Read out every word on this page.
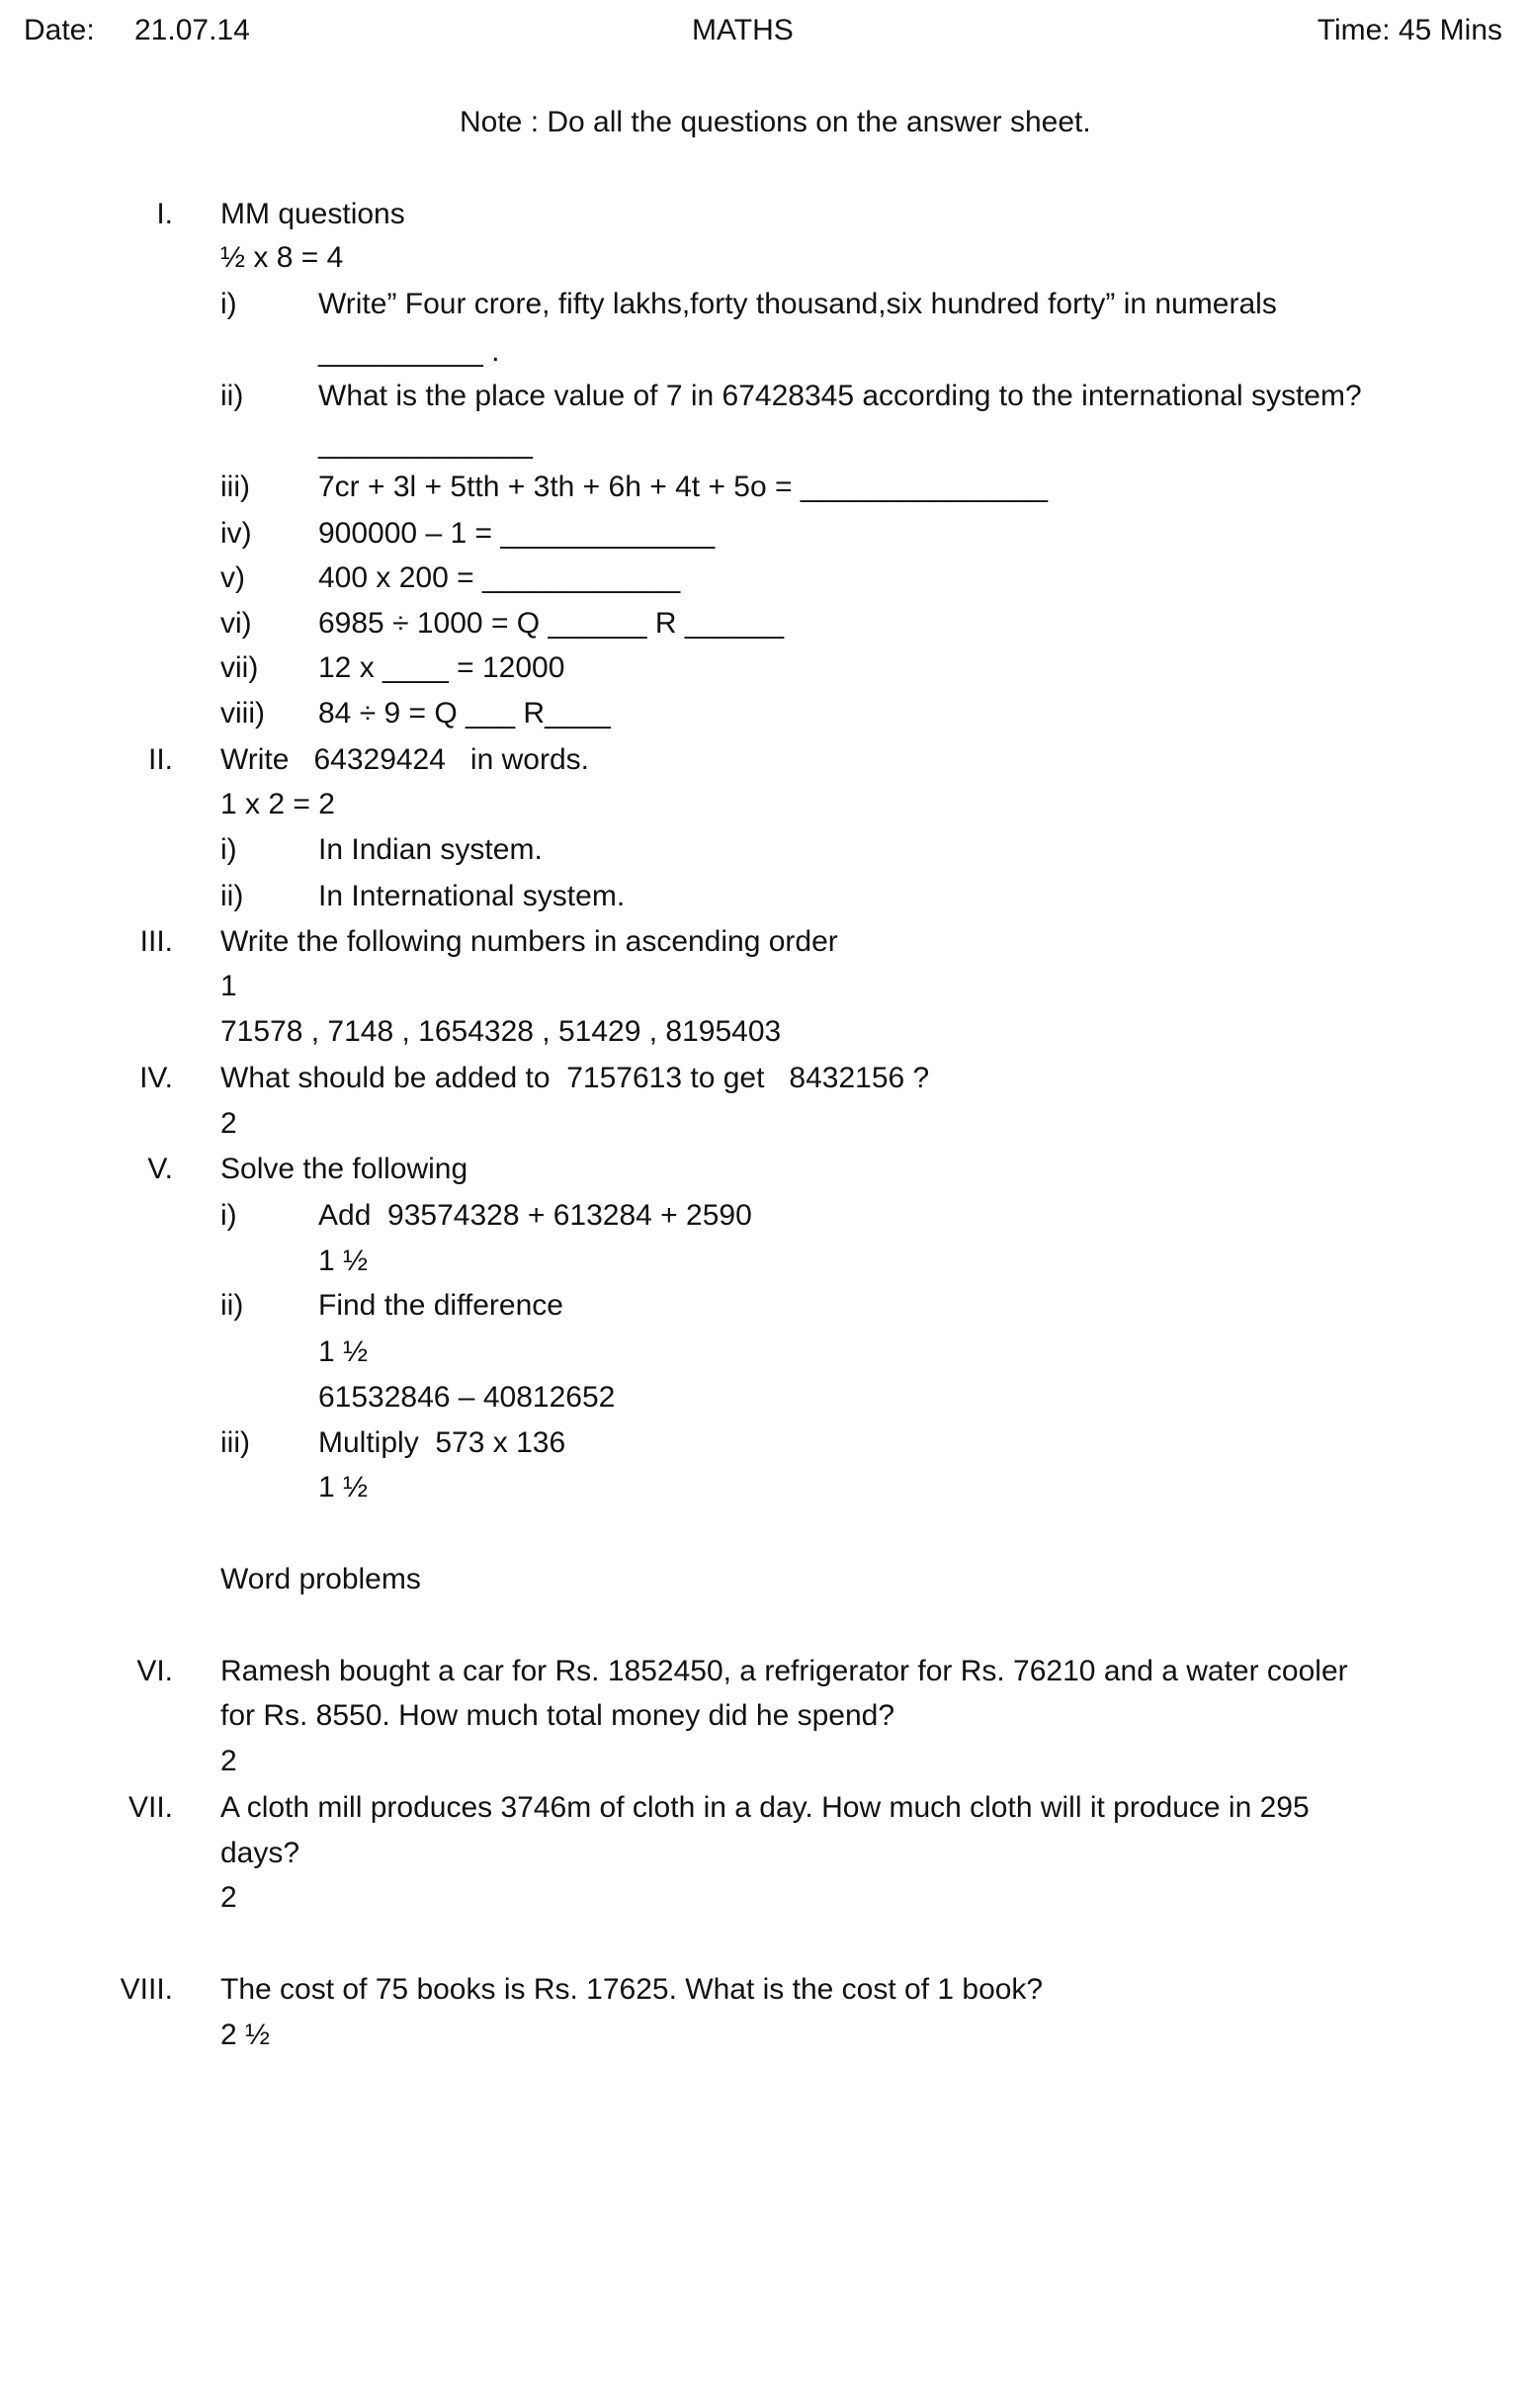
Date: 21.07.14	MATHS	Time: 45 Mins
Note : Do all the questions on the answer sheet.
I. MM questions
½ x 8 = 4
i)	Write” Four crore, fifty lakhs,forty thousand,six hundred forty” in numerals
__________ .
ii)	What is the place value of 7 in 67428345 according to the international system?
_____________
iii) 7cr + 3l + 5tth + 3th + 6h + 4t + 5o = _______________
iv) 900000 – 1 = _____________
v) 400 x 200 = ____________
vi) 6985 ÷ 1000 = Q ______ R ______
vii) 12 x ____ = 12000
viii) 84 ÷ 9 = Q ___ R____
II. Write   64329424   in words.
1 x 2 = 2
i)	In Indian system.
ii)	In International system.
III. Write the following numbers in ascending order
1
71578 , 7148 , 1654328 , 51429 , 8195403
IV. What should be added to  7157613 to get   8432156 ?
2
V. Solve the following
i)	Add  93574328 + 613284 + 2590
1 ½
ii)	Find the difference
1 ½
61532846 – 40812652
iii) Multiply  573 x 136
1 ½
Word problems
VI. Ramesh bought a car for Rs. 1852450, a refrigerator for Rs. 76210 and a water cooler
for Rs. 8550. How much total money did he spend?
2
VII. A cloth mill produces 3746m of cloth in a day. How much cloth will it produce in 295
days?
2
VIII. The cost of 75 books is Rs. 17625. What is the cost of 1 book?
2 ½
